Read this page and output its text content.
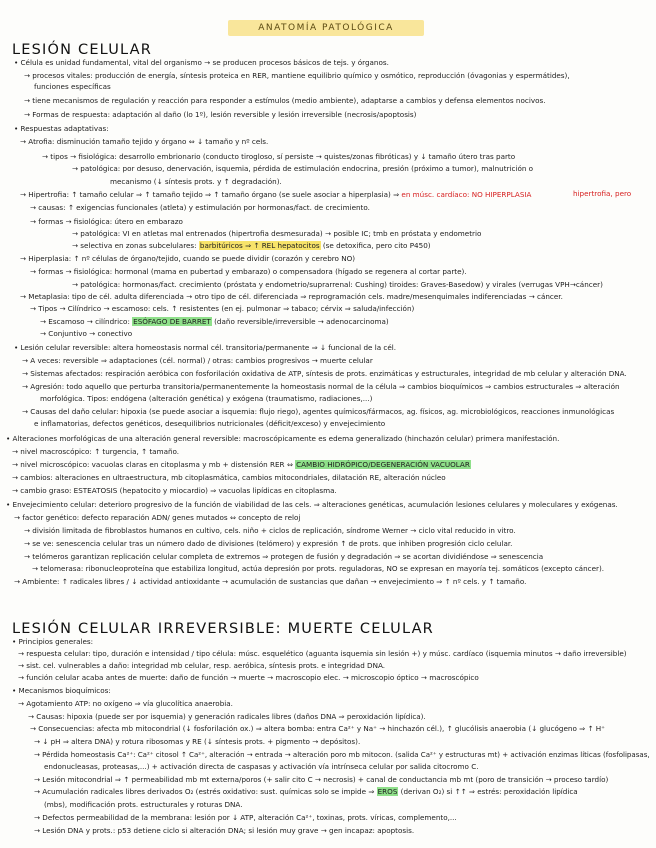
ANATOMÍA PATOLÓGICA
LESIÓN CELULAR
hipertrofia, pero
• Célula es unidad fundamental, vital del organismo → se producen procesos básicos de tejs. y órganos.
→ procesos vitales: producción de energía, síntesis proteica en RER, mantiene equilibrio químico y osmótico, reproducción (óvagonias y espermátides),
funciones específicas
→ tiene mecanismos de regulación y reacción para responder a estímulos (medio ambiente), adaptarse a cambios y defensa elementos nocivos.
→ Formas de respuesta: adaptación al daño (lo 1º), lesión reversible y lesión irreversible (necrosis/apoptosis)
• Respuestas adaptativas:
→ Atrofia: disminución tamaño tejido y órgano ⇔ ↓ tamaño y nº cels.
→ tipos → fisiológica: desarrollo embrionario (conducto tirogloso, sí persiste → quistes/zonas fibróticas) y ↓ tamaño útero tras parto
→ patológica: por desuso, denervación, isquemia, pérdida de estimulación endocrina, presión (próximo a tumor), malnutrición o
mecanismo (↓ síntesis prots. y ↑ degradación).
→ Hipertrofia: ↑ tamaño celular ⇒ ↑ tamaño tejido ⇒ ↑ tamaño órgano (se suele asociar a hiperplasia) ⇒ en músc. cardíaco: NO HIPERPLASIA
→ causas: ↑ exigencias funcionales (atleta) y estimulación por hormonas/fact. de crecimiento.
→ formas → fisiológica: útero en embarazo
→ patológica: VI en atletas mal entrenados (hipertrofia desmesurada) → posible IC; tmb en próstata y endometrio
→ selectiva en zonas subcelulares: barbitúricos ⇒ ↑ REL hepatocitos (se detoxifica, pero cito P450)
→ Hiperplasia: ↑ nº células de órgano/tejido, cuando se puede dividir (corazón y cerebro NO)
→ formas → fisiológica: hormonal (mama en pubertad y embarazo) o compensadora (hígado se regenera al cortar parte).
→ patológica: hormonas/fact. crecimiento (próstata y endometrio/suprarrenal: Cushing) tiroides: Graves-Basedow) y virales (verrugas VPH→cáncer)
→ Metaplasia: tipo de cél. adulta diferenciada → otro tipo de cél. diferenciada ⇒ reprogramación cels. madre/mesenquimales indiferenciadas → cáncer.
→ Tipos → Cilíndrico → escamoso: cels. ↑ resistentes (en ej. pulmonar ⇒ tabaco; cérvix ⇒ saluda/infección)
→ Escamoso → cilíndrico: ESÓFAGO DE BARRET (daño reversible/irreversible → adenocarcinoma)
→ Conjuntivo → conectivo
• Lesión celular reversible: altera homeostasis normal cél. transitoria/permanente ⇒ ↓ funcional de la cél.
→ A veces: reversible ⇒ adaptaciones (cél. normal) / otras: cambios progresivos → muerte celular
→ Sistemas afectados: respiración aeróbica con fosforilación oxidativa de ATP, síntesis de prots. enzimáticas y estructurales, integridad de mb celular y alteración DNA.
→ Agresión: todo aquello que perturba transitoria/permanentemente la homeostasis normal de la célula ⇒ cambios bioquímicos ⇒ cambios estructurales ⇒ alteración
morfológica. Tipos: endógena (alteración genética) y exógena (traumatismo, radiaciones,...)
→ Causas del daño celular: hipoxia (se puede asociar a isquemia: flujo riego), agentes químicos/fármacos, ag. físicos, ag. microbiológicos, reacciones inmunológicas
e inflamatorias, defectos genéticos, desequilibrios nutricionales (déficit/exceso) y envejecimiento
• Alteraciones morfológicas de una alteración general reversible: macroscópicamente es edema generalizado (hinchazón celular) primera manifestación.
→ nivel macroscópico: ↑ turgencia, ↑ tamaño.
→ nivel microscópico: vacuolas claras en citoplasma y mb + distensión RER ⇔ CAMBIO HIDRÓPICO/DEGENERACIÓN VACUOLAR
→ cambios: alteraciones en ultraestructura, mb citoplasmática, cambios mitocondriales, dilatación RE, alteración núcleo
→ cambio graso: ESTEATOSIS (hepatocito y miocardio) ⇒ vacuolas lipídicas en citoplasma.
• Envejecimiento celular: deterioro progresivo de la función de viabilidad de las cels. ⇒ alteraciones genéticas, acumulación lesiones celulares y moleculares y exógenas.
→ factor genético: defecto reparación ADN/ genes mutados ⇔ concepto de reloj
→ división limitada de fibroblastos humanos en cultivo, cels. niño + ciclos de replicación, síndrome Werner → ciclo vital reducido in vitro.
→ se ve: senescencia celular tras un número dado de divisiones (telómero) y expresión ↑ de prots. que inhiben progresión ciclo celular.
→ telómeros garantizan replicación celular completa de extremos ⇒ protegen de fusión y degradación ⇒ se acortan dividiéndose ⇒ senescencia
→ telomerasa: ribonucleoproteína que estabiliza longitud, actúa depresión por prots. reguladoras, NO se expresan en mayoría tej. somáticos (excepto cáncer).
→ Ambiente: ↑ radicales libres / ↓ actividad antioxidante → acumulación de sustancias que dañan → envejecimiento ⇒ ↑ nº cels. y ↑ tamaño.
LESIÓN CELULAR IRREVERSIBLE: MUERTE CELULAR
• Principios generales:
→ respuesta celular: tipo, duración e intensidad / tipo célula: músc. esquelético (aguanta isquemia sin lesión +) y músc. cardíaco (isquemia minutos → daño irreversible)
→ sist. cel. vulnerables a daño: integridad mb celular, resp. aeróbica, síntesis prots. e integridad DNA.
→ función celular acaba antes de muerte: daño de función → muerte → macroscopio elec. → microscopio óptico → macroscópico
• Mecanismos bioquímicos:
→ Agotamiento ATP: no oxígeno ⇒ vía glucolítica anaerobia.
→ Causas: hipoxia (puede ser por isquemia) y generación radicales libres (daños DNA ⇒ peroxidación lipídica).
→ Consecuencias: afecta mb mitocondrial (↓ fosforilación ox.) ⇒ altera bomba: entra Ca²⁺ y Na⁺ → hinchazón cél.), ↑ glucólisis anaerobia (↓ glucógeno ⇒ ↑ H⁺
→ ↓ pH ⇒ altera DNA) y rotura ribosomas y RE (↓ síntesis prots. + pigmento → depósitos).
→ Pérdida homeostasis Ca²⁺: Ca²⁺ citosol ↑ Ca²⁺, alteración → entrada → alteración poro mb mitocon. (salida Ca²⁺ y estructuras mt) + activación enzimas líticas (fosfolipasas,
endonucleasas, proteasas,...) + activación directa de caspasas y activación vía intrínseca celular por salida citocromo C.
→ Lesión mitocondrial ⇒ ↑ permeabilidad mb mt externa/poros (+ salir cito C → necrosis) + canal de conductancia mb mt (poro de transición → proceso tardío)
→ Acumulación radicales libres derivados O₂ (estrés oxidativo: sust. químicas solo se impide ⇒ EROS (derivan O₂) si ↑↑ ⇒ estrés: peroxidación lipídica
(mbs), modificación prots. estructurales y roturas DNA.
→ Defectos permeabilidad de la membrana: lesión por ↓ ATP, alteración Ca²⁺, toxinas, prots. víricas, complemento,...
→ Lesión DNA y prots.: p53 detiene ciclo si alteración DNA; si lesión muy grave → gen incapaz: apoptosis.
